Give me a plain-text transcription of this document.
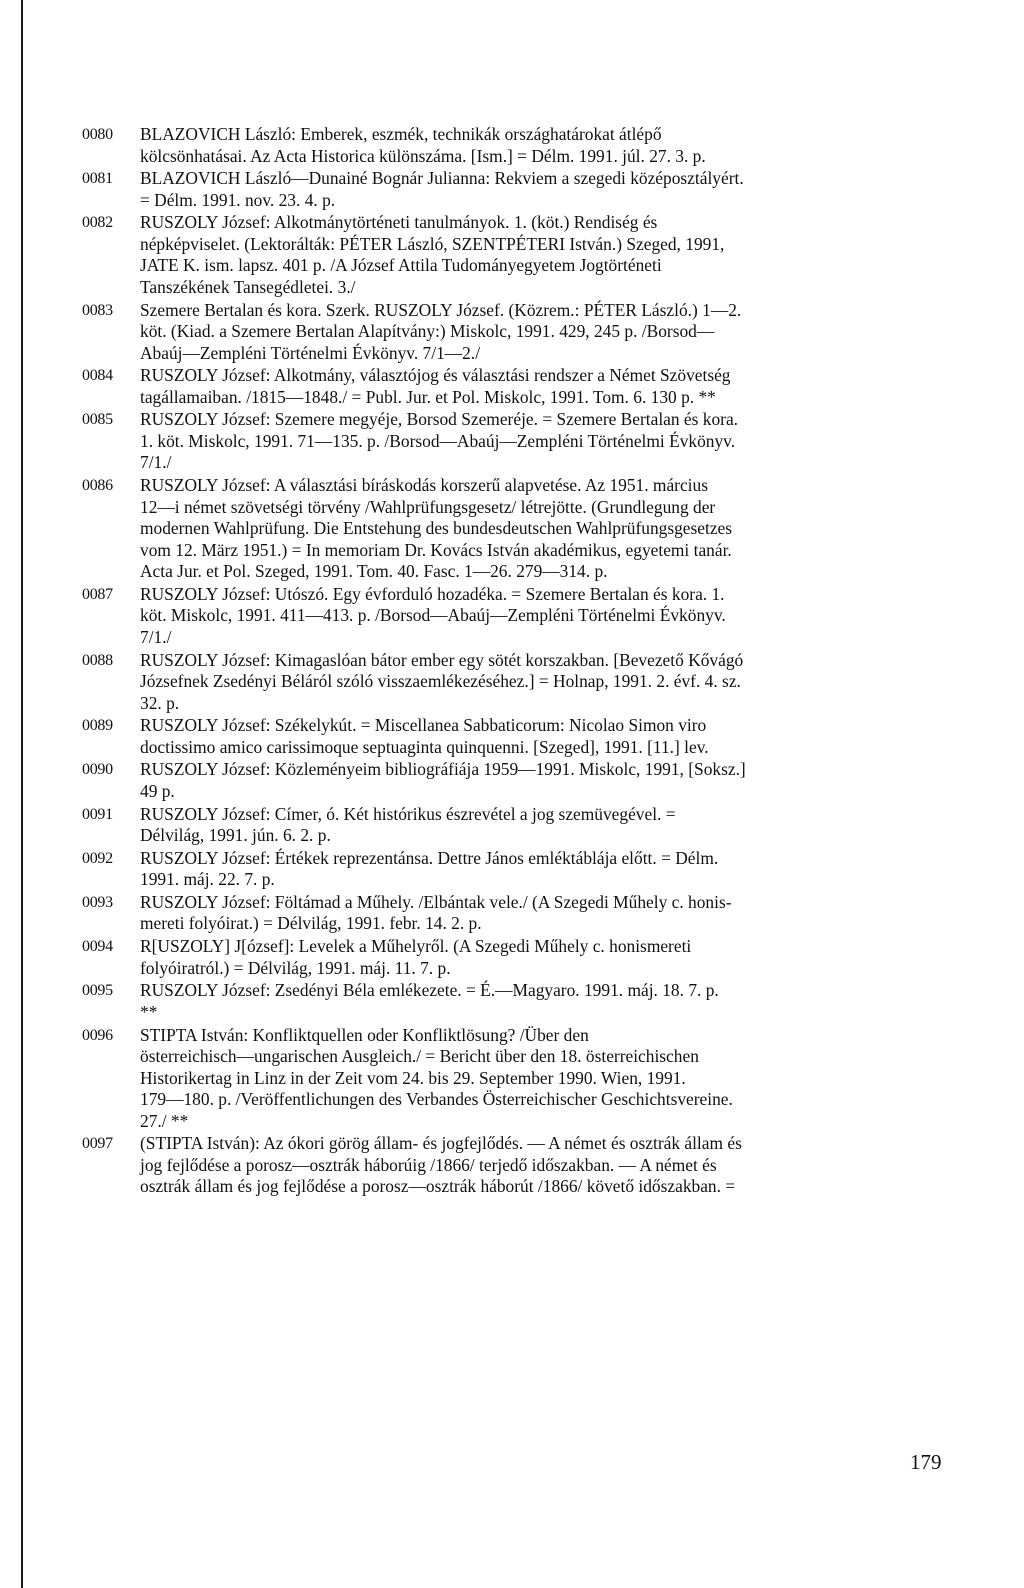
0080	BLAZOVICH László: Emberek, eszmék, technikák országhatárokat átlépő
kölcsönhatásai. Az Acta Historica különszáma. [Ism.] = Délm. 1991. júl. 27. 3. p.
0081	BLAZOVICH László—Dunainé Bognár Julianna: Rekviem a szegedi középosztályért.
= Délm. 1991. nov. 23. 4. p.
0082	RUSZOLY József: Alkotmánytörténeti tanulmányok. 1. (köt.) Rendiség és
népképviselet. (Lektorálták: PÉTER László, SZENTPÉTERI István.) Szeged, 1991,
JATE K. ism. lapsz. 401 p. /A József Attila Tudományegyetem Jogtörténeti
Tanszékének Tansegédletei. 3./
0083	Szemere Bertalan és kora. Szerk. RUSZOLY József. (Közrem.: PÉTER László.) 1—2.
köt. (Kiad. a Szemere Bertalan Alapítvány:) Miskolc, 1991. 429, 245 p. /Borsod—
Abaúj—Zempléni Történelmi Évkönyv. 7/1—2./
0084	RUSZOLY József: Alkotmány, választójog és választási rendszer a Német Szövetség
tagállamaiban. /1815—1848./ = Publ. Jur. et Pol. Miskolc, 1991. Tom. 6. 130 p. **
0085	RUSZOLY József: Szemere megyéje, Borsod Szemeréje. = Szemere Bertalan és kora.
1. köt. Miskolc, 1991. 71—135. p. /Borsod—Abaúj—Zempléni Történelmi Évkönyv.
7/1./
0086	RUSZOLY József: A választási bíráskodás korszerű alapvetése. Az 1951. március
12—i német szövetségi törvény /Wahlprüfungsgesetz/ létrejötte. (Grundlegung der
modernen Wahlprüfung. Die Entstehung des bundesdeutschen Wahlprüfungsgesetzes
vom 12. März 1951.) = In memoriam Dr. Kovács István akadémikus, egyetemi tanár.
Acta Jur. et Pol. Szeged, 1991. Tom. 40. Fasc. 1—26. 279—314. p.
0087	RUSZOLY József: Utószó. Egy évforduló hozadéka. = Szemere Bertalan és kora. 1.
köt. Miskolc, 1991. 411—413. p. /Borsod—Abaúj—Zempléni Történelmi Évkönyv.
7/1./
0088	RUSZOLY József: Kimagaslóan bátor ember egy sötét korszakban. [Bevezető Kővágó
Józsefnek Zsedényi Béláról szóló visszaemlékezéséhez.] = Holnap, 1991. 2. évf. 4. sz.
32. p.
0089	RUSZOLY József: Székelykút. = Miscellanea Sabbaticorum: Nicolao Simon viro
doctissimo amico carissimoque septuaginta quinquenni. [Szeged], 1991. [11.] lev.
0090	RUSZOLY József: Közleményeim bibliográfiája 1959—1991. Miskolc, 1991, [Soksz.]
49 p.
0091	RUSZOLY József: Címer, ó. Két histórikus észrevétel a jog szemüvegével. =
Délvilág, 1991. jún. 6. 2. p.
0092	RUSZOLY József: Értékek reprezentánsa. Dettre János emléktáblája előtt. = Délm.
1991. máj. 22. 7. p.
0093	RUSZOLY József: Föltámad a Műhely. /Elbántak vele./ (A Szegedi Műhely c. honis-
mereti folyóirat.) = Délvilág, 1991. febr. 14. 2. p.
0094	R[USZOLY] J[ózsef]: Levelek a Műhelyről. (A Szegedi Műhely c. honismereti
folyóiratról.) = Délvilág, 1991. máj. 11. 7. p.
0095	RUSZOLY József: Zsedényi Béla emlékezete. = É.—Magyaro. 1991. máj. 18. 7. p.
**
0096	STIPTA István: Konfliktquellen oder Konfliktlösung? /Über den
österreichisch—ungarischen Ausgleich./ = Bericht über den 18. österreichischen
Historikertag in Linz in der Zeit vom 24. bis 29. September 1990. Wien, 1991.
179—180. p. /Veröffentlichungen des Verbandes Österreichischer Geschichtsvereine.
27./ **
0097	(STIPTA István): Az ókori görög állam- és jogfejlődés. — A német és osztrák állam és
jog fejlődése a porosz—osztrák háborúig /1866/ terjedő időszakban. — A német és
osztrák állam és jog fejlődése a porosz—osztrák háborút /1866/ követő időszakban. =
179
